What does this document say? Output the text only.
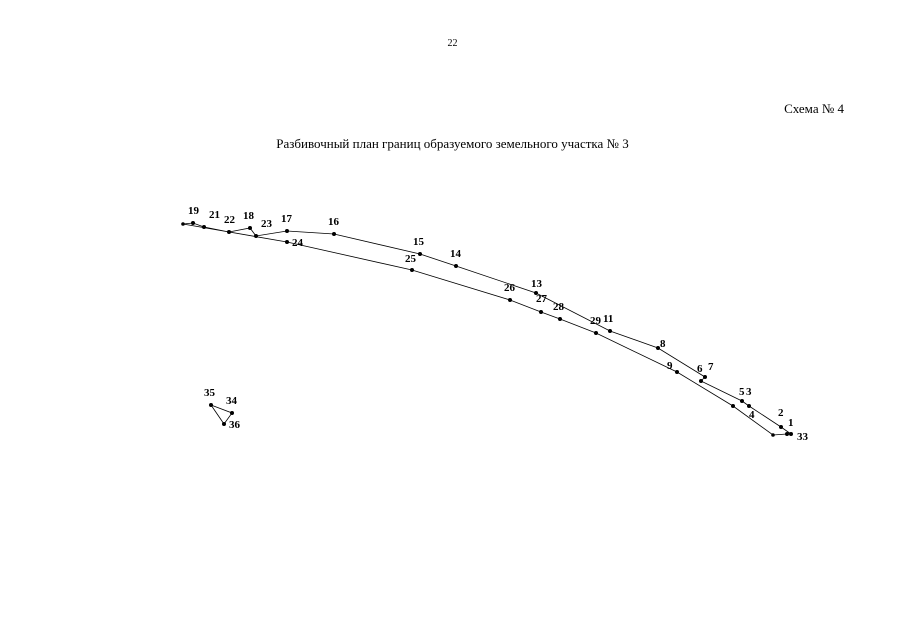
22
Схема № 4
Разбивочный план границ образуемого земельного участка № 3
19 21 22 18
23 17	16
15
14
13
11
8
7
6
5 3
2
1
33
4
9
29
28
27
26
25
24
35
34
36
